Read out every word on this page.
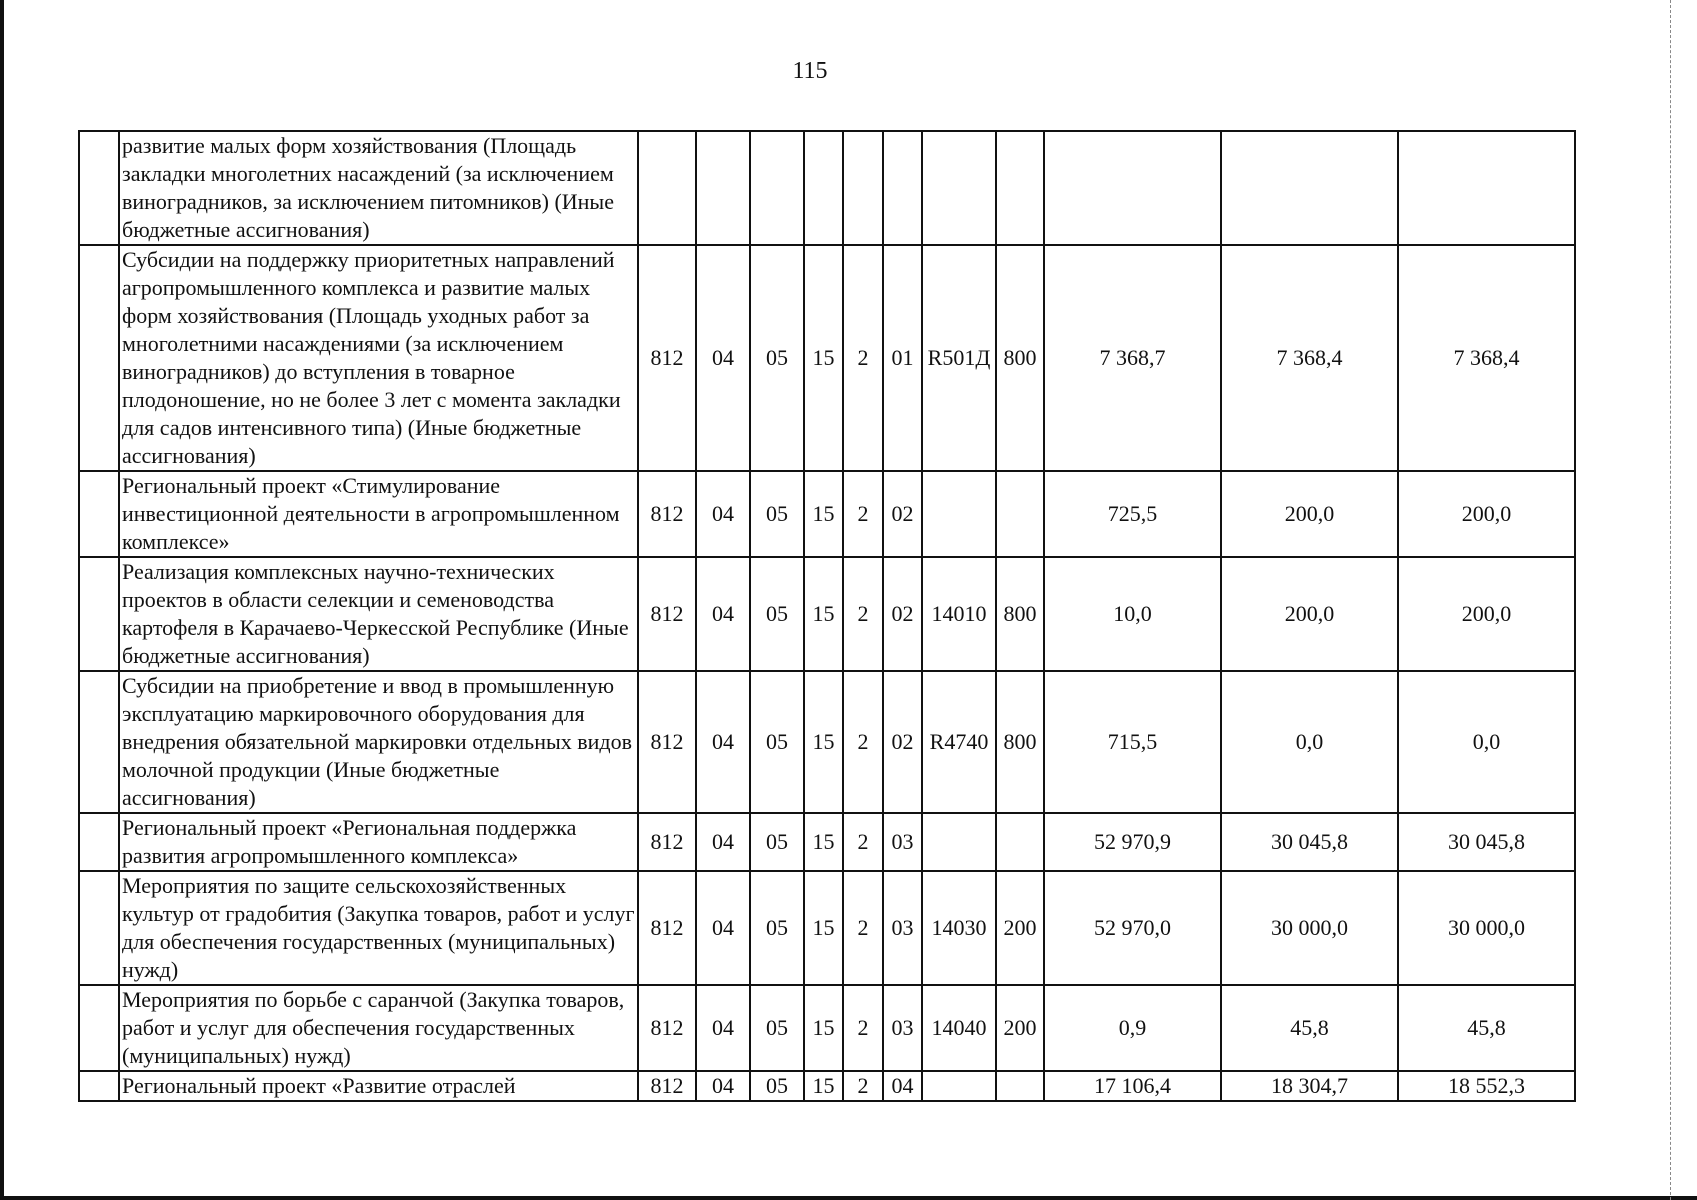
115
	развитие малых форм хозяйствования (Площадь закладки многолетних насаждений (за исключением виноградников, за исключением питомников) (Иные бюджетные ассигнования)											
	Субсидии на поддержку приоритетных направлений агропромышленного комплекса и развитие малых форм хозяйствования (Площадь уходных работ за многолетними насаждениями (за исключением виноградников) до вступления в товарное плодоношение, но не более 3 лет с момента закладки для садов интенсивного типа) (Иные бюджетные ассигнования)	812	04	05	15	2	01	R501Д	800	7 368,7	7 368,4	7 368,4
	Региональный проект «Стимулирование инвестиционной деятельности в агропромышленном комплексе»	812	04	05	15	2	02			725,5	200,0	200,0
	Реализация комплексных научно-технических проектов в области селекции и семеноводства картофеля в Карачаево-Черкесской Республике (Иные бюджетные ассигнования)	812	04	05	15	2	02	14010	800	10,0	200,0	200,0
	Субсидии на приобретение и ввод в промышленную эксплуатацию маркировочного оборудования для внедрения обязательной маркировки отдельных видов молочной продукции (Иные бюджетные ассигнования)	812	04	05	15	2	02	R4740	800	715,5	0,0	0,0
	Региональный проект «Региональная поддержка развития агропромышленного комплекса»	812	04	05	15	2	03			52 970,9	30 045,8	30 045,8
	Мероприятия по защите сельскохозяйственных культур от градобития (Закупка товаров, работ и услуг для обеспечения государственных (муниципальных) нужд)	812	04	05	15	2	03	14030	200	52 970,0	30 000,0	30 000,0
	Мероприятия по борьбе с саранчой (Закупка товаров, работ и услуг для обеспечения государственных (муниципальных) нужд)	812	04	05	15	2	03	14040	200	0,9	45,8	45,8
	Региональный проект «Развитие отраслей	812	04	05	15	2	04			17 106,4	18 304,7	18 552,3
